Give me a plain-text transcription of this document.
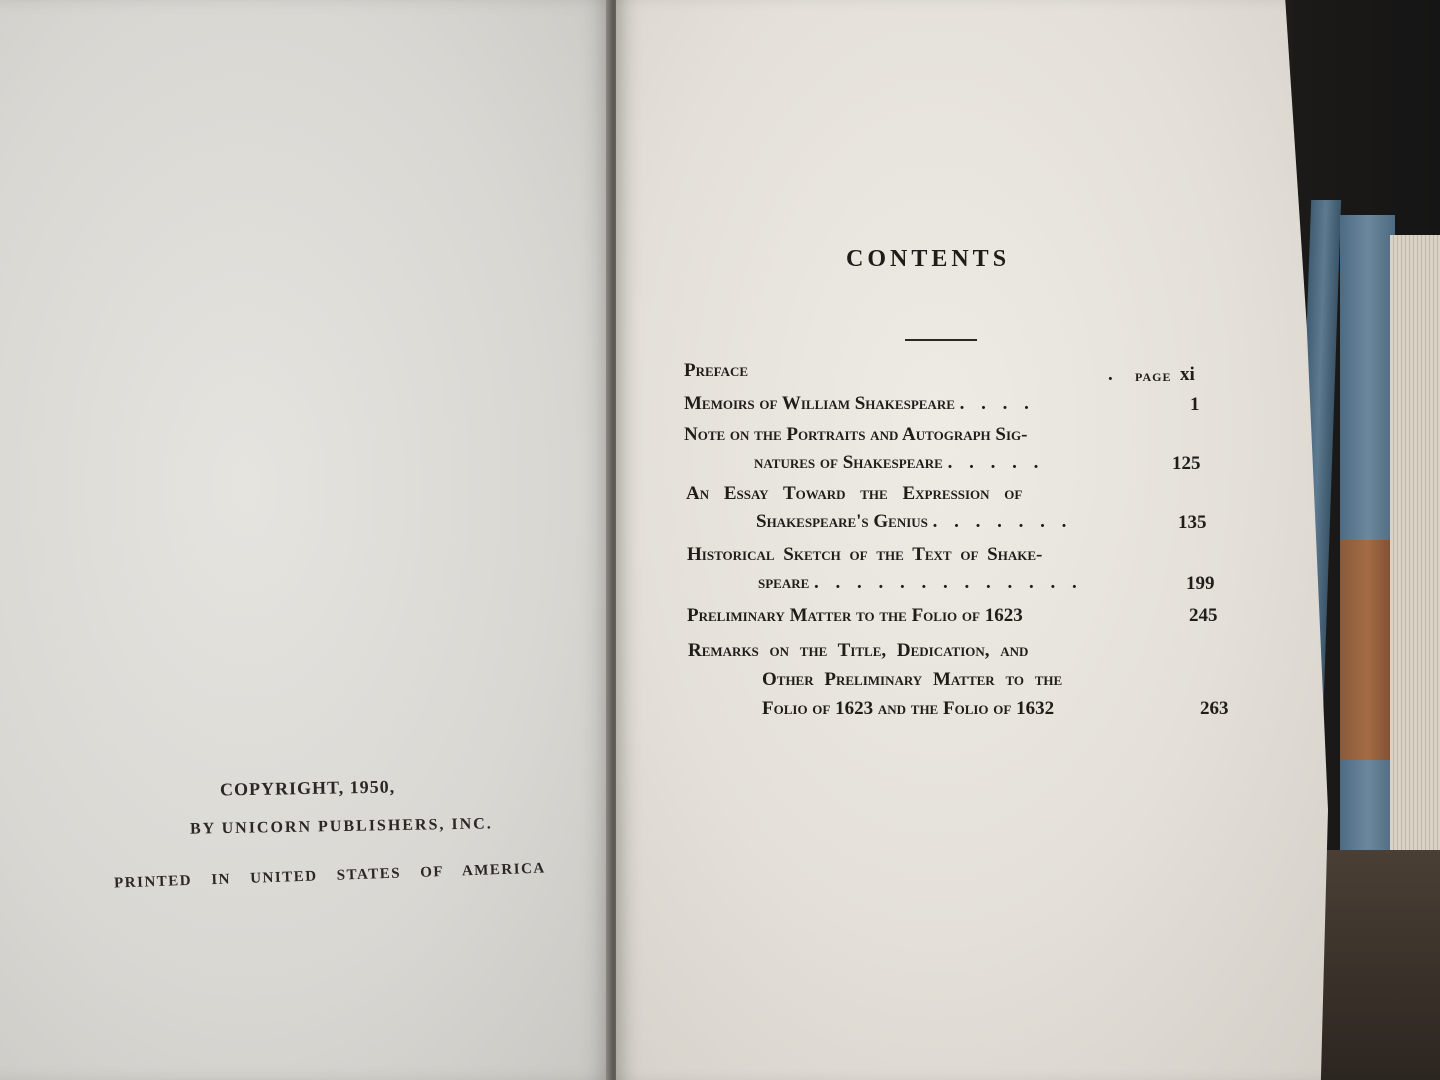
COPYRIGHT, 1950,
BY UNICORN PUBLISHERS, INC.
PRINTED IN UNITED STATES OF AMERICA
CONTENTS
Preface	. PAGE xi
Memoirs of William Shakespeare . . . .	1
Note on the Portraits and Autograph Sig-
natures of Shakespeare . . . . .	125
An Essay Toward the Expression of
Shakespeare's Genius . . . . . . .	135
Historical Sketch of the Text of Shake-
speare . . . . . . . . . . . . .	199
Preliminary Matter to the Folio of 1623	245
Remarks on the Title, Dedication, and
Other Preliminary Matter to the
Folio of 1623 and the Folio of 1632	263
